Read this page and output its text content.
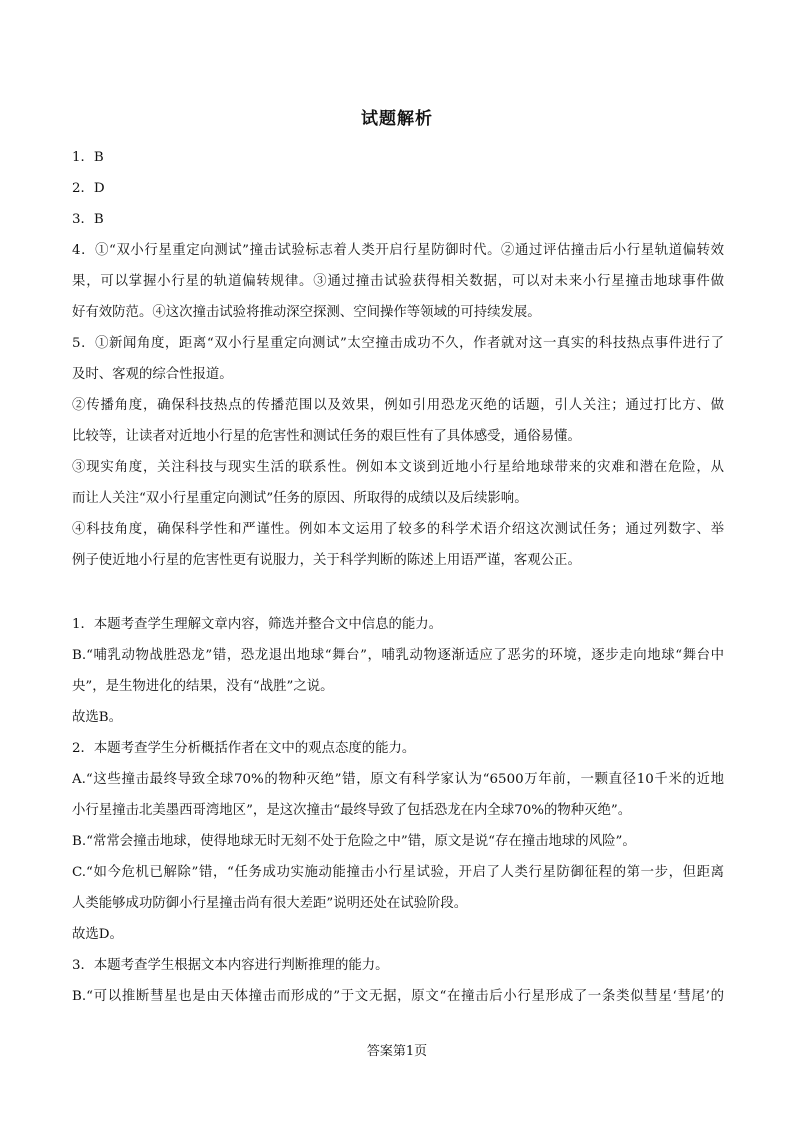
试题解析
1．B
2．D
3．B
4．①“双小行星重定向测试”撞击试验标志着人类开启行星防御时代。②通过评估撞击后小行星轨道偏转效
果，可以掌握小行星的轨道偏转规律。③通过撞击试验获得相关数据，可以对未来小行星撞击地球事件做
好有效防范。④这次撞击试验将推动深空探测、空间操作等领域的可持续发展。
5．①新闻角度，距离“双小行星重定向测试”太空撞击成功不久，作者就对这一真实的科技热点事件进行了
及时、客观的综合性报道。
②传播角度，确保科技热点的传播范围以及效果，例如引用恐龙灭绝的话题，引人关注；通过打比方、做
比较等，让读者对近地小行星的危害性和测试任务的艰巨性有了具体感受，通俗易懂。
③现实角度，关注科技与现实生活的联系性。例如本文谈到近地小行星给地球带来的灾难和潜在危险，从
而让人关注“双小行星重定向测试”任务的原因、所取得的成绩以及后续影响。
④科技角度，确保科学性和严谨性。例如本文运用了较多的科学术语介绍这次测试任务；通过列数字、举
例子使近地小行星的危害性更有说服力，关于科学判断的陈述上用语严谨，客观公正。
1．本题考查学生理解文章内容，筛选并整合文中信息的能力。
B.“哺乳动物战胜恐龙”错，恐龙退出地球“舞台”，哺乳动物逐渐适应了恶劣的环境，逐步走向地球“舞台中
央”，是生物进化的结果，没有“战胜”之说。
故选B。
2．本题考查学生分析概括作者在文中的观点态度的能力。
A.“这些撞击最终导致全球70%的物种灭绝”错，原文有科学家认为“6500万年前，一颗直径10千米的近地
小行星撞击北美墨西哥湾地区”，是这次撞击“最终导致了包括恐龙在内全球70%的物种灭绝”。
B.“常常会撞击地球，使得地球无时无刻不处于危险之中”错，原文是说“存在撞击地球的风险”。
C.“如今危机已解除”错，“任务成功实施动能撞击小行星试验，开启了人类行星防御征程的第一步，但距离
人类能够成功防御小行星撞击尚有很大差距”说明还处在试验阶段。
故选D。
3．本题考查学生根据文本内容进行判断推理的能力。
B.“可以推断彗星也是由天体撞击而形成的”于文无据，原文“在撞击后小行星形成了一条类似彗星‘彗尾’的
答案第1页
